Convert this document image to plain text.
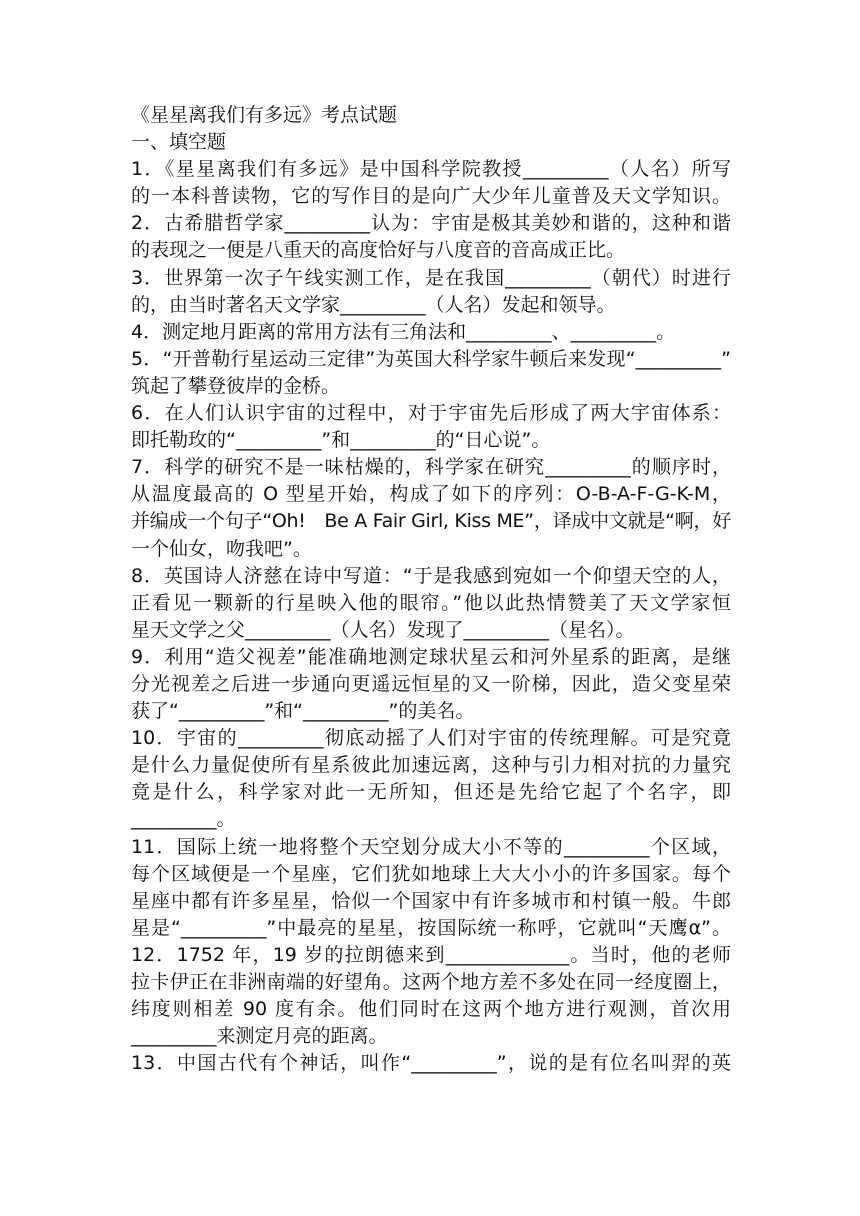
《星星离我们有多远》考点试题
一、填空题
1．《星星离我们有多远》是中国科学院教授_________（人名）所写
的一本科普读物，它的写作目的是向广大少年儿童普及天文学知识。
2．古希腊哲学家_________认为：宇宙是极其美妙和谐的，这种和谐
的表现之一便是八重天的高度恰好与八度音的音高成正比。
3．世界第一次子午线实测工作，是在我国_________（朝代）时进行
的，由当时著名天文学家_________（人名）发起和领导。
4．测定地月距离的常用方法有三角法和_________、_________。
5．“开普勒行星运动三定律”为英国大科学家牛顿后来发现“_________”
筑起了攀登彼岸的金桥。
6．在人们认识宇宙的过程中，对于宇宙先后形成了两大宇宙体系：
即托勒玫的“_________”和_________的“日心说”。
7．科学的研究不是一味枯燥的，科学家在研究_________的顺序时，
从温度最高的 O 型星开始，构成了如下的序列：O-B-A-F-G-K-M，
并编成一个句子“Oh!　Be A Fair Girl, Kiss ME”，译成中文就是“啊，好
一个仙女，吻我吧”。
8．英国诗人济慈在诗中写道：“于是我感到宛如一个仰望天空的人，
正看见一颗新的行星映入他的眼帘。”他以此热情赞美了天文学家恒
星天文学之父_________（人名）发现了_________（星名）。
9．利用“造父视差”能准确地测定球状星云和河外星系的距离，是继
分光视差之后进一步通向更遥远恒星的又一阶梯，因此，造父变星荣
获了“_________”和“_________”的美名。
10．宇宙的_________彻底动摇了人们对宇宙的传统理解。可是究竟
是什么力量促使所有星系彼此加速远离，这种与引力相对抗的力量究
竟是什么，科学家对此一无所知，但还是先给它起了个名字，即
_________。
11．国际上统一地将整个天空划分成大小不等的_________个区域，
每个区域便是一个星座，它们犹如地球上大大小小的许多国家。每个
星座中都有许多星星，恰似一个国家中有许多城市和村镇一般。牛郎
星是“_________”中最亮的星星，按国际统一称呼，它就叫“天鹰α”。
12．1752 年，19 岁的拉朗德来到_____________。当时，他的老师
拉卡伊正在非洲南端的好望角。这两个地方差不多处在同一经度圈上，
纬度则相差 90 度有余。他们同时在这两个地方进行观测，首次用
_________来测定月亮的距离。
13．中国古代有个神话，叫作“_________”，说的是有位名叫羿的英
